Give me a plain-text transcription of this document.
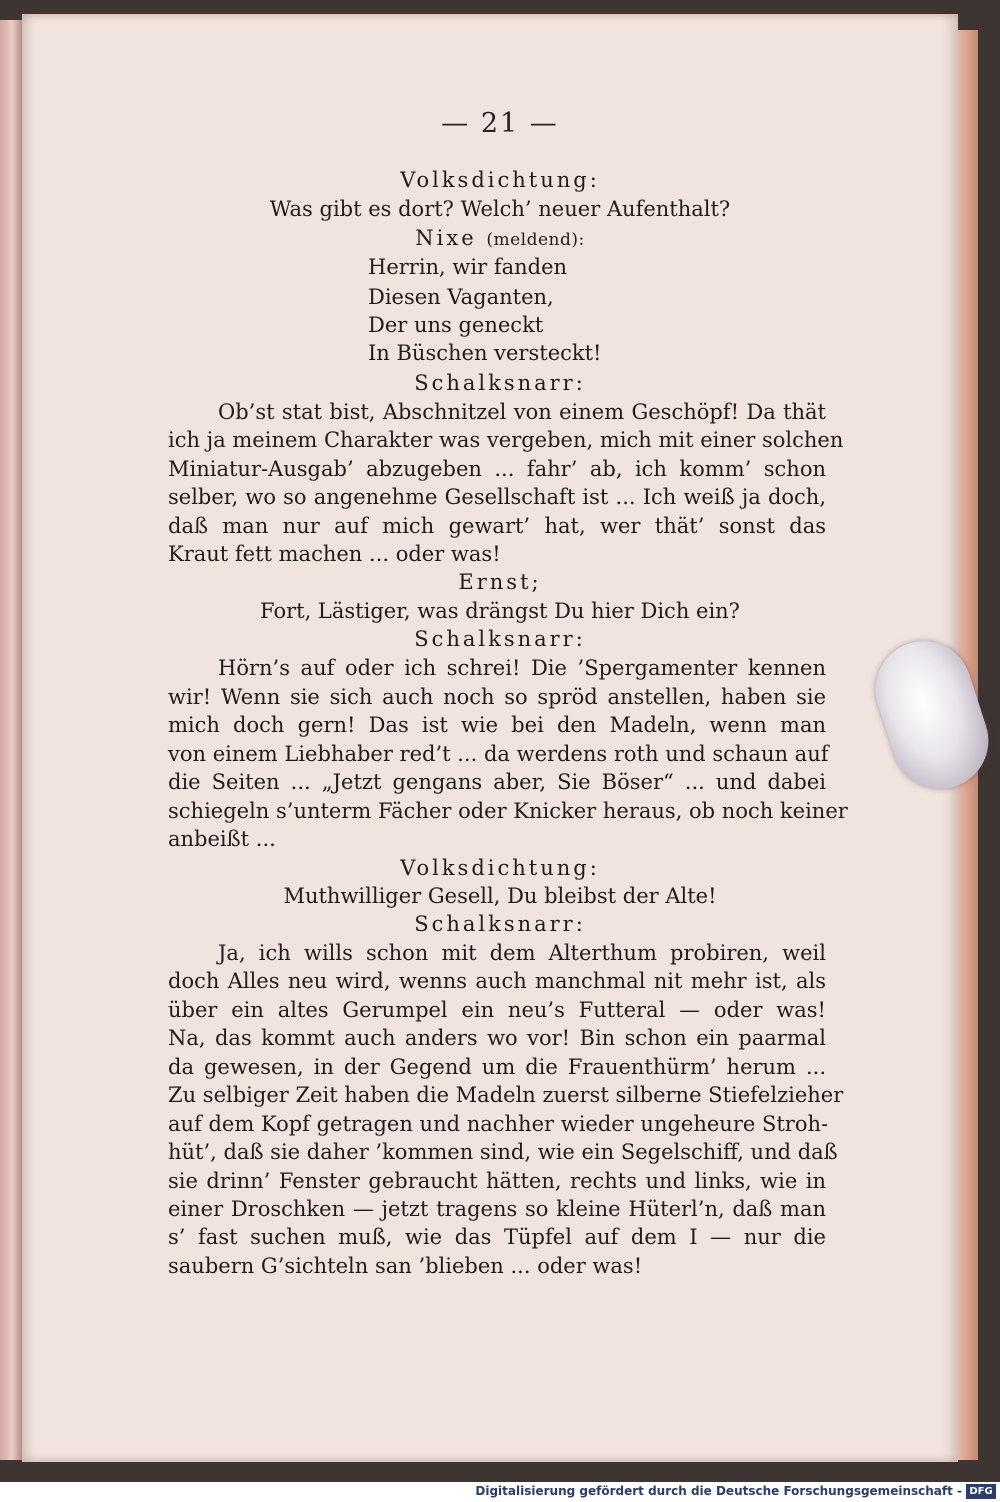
— 21 —

Volksdichtung:

Was gibt es dort? Welch’ neuer Aufenthalt?

Nixe (meldend):

Herrin, wir fanden

Diesen Vaganten,

Der uns geneckt

In Büschen versteckt!

Schalksnarr:

Ob’st stat bist, Abschnitzel von einem Geschöpf! Da thät

ich ja meinem Charakter was vergeben, mich mit einer solchen

Miniatur-Ausgab’ abzugeben ... fahr’ ab, ich komm’ schon

selber, wo so angenehme Gesellschaft ist ... Ich weiß ja doch,

daß man nur auf mich gewart’ hat, wer thät’ sonst das

Kraut fett machen ... oder was!

Ernst;

Fort, Lästiger, was drängst Du hier Dich ein?

Schalksnarr:

Hörn’s auf oder ich schrei! Die ’Spergamenter kennen

wir! Wenn sie sich auch noch so spröd anstellen, haben sie

mich doch gern! Das ist wie bei den Madeln, wenn man

von einem Liebhaber red’t ... da werdens roth und schaun auf

die Seiten ... „Jetzt gengans aber, Sie Böser“ ... und dabei

schiegeln s’unterm Fächer oder Knicker heraus, ob noch keiner

anbeißt ...

Volksdichtung:

Muthwilliger Gesell, Du bleibst der Alte!

Schalksnarr:

Ja, ich wills schon mit dem Alterthum probiren, weil

doch Alles neu wird, wenns auch manchmal nit mehr ist, als

über ein altes Gerumpel ein neu’s Futteral — oder was!

Na, das kommt auch anders wo vor! Bin schon ein paarmal

da gewesen, in der Gegend um die Frauenthürm’ herum ...

Zu selbiger Zeit haben die Madeln zuerst silberne Stiefelzieher

auf dem Kopf getragen und nachher wieder ungeheure Stroh-

hüt’, daß sie daher ’kommen sind, wie ein Segelschiff, und daß

sie drinn’ Fenster gebraucht hätten, rechts und links, wie in

einer Droschken — jetzt tragens so kleine Hüterl’n, daß man

s’ fast suchen muß, wie das Tüpfel auf dem I — nur die

saubern G’sichteln san ’blieben ... oder was!

Digitalisierung gefördert durch die Deutsche Forschungsgemeinschaft - DFG
